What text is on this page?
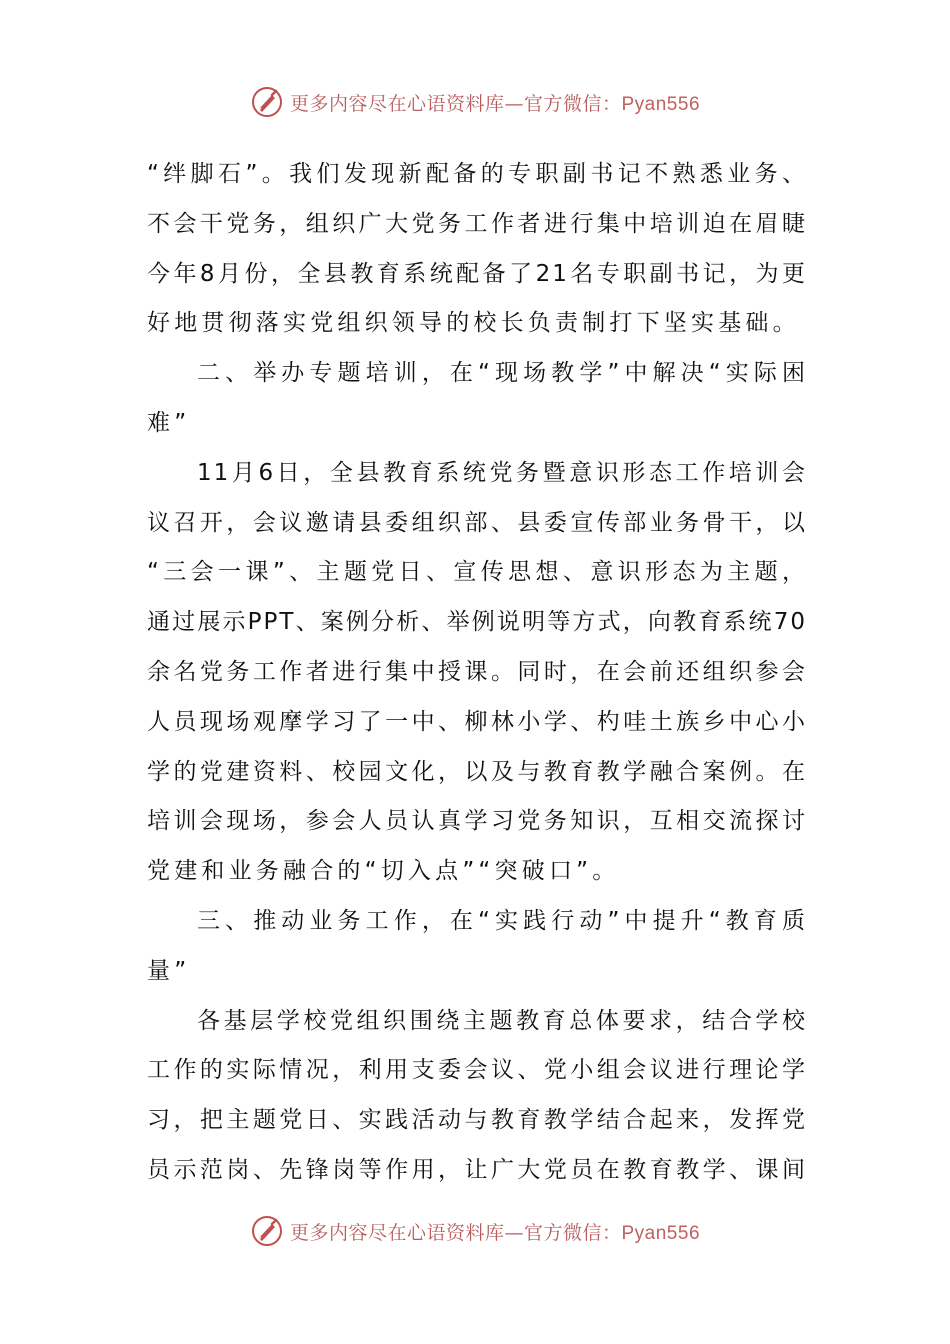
更多内容尽在心语资料库—官方微信：Pyan556
“绊脚石”。我们发现新配备的专职副书记不熟悉业务、
不会干党务，组织广大党务工作者进行集中培训迫在眉睫
今年8月份，全县教育系统配备了21名专职副书记，为更
好地贯彻落实党组织领导的校长负责制打下坚实基础。
二、举办专题培训，在“现场教学”中解决“实际困
难”
11月6日，全县教育系统党务暨意识形态工作培训会
议召开，会议邀请县委组织部、县委宣传部业务骨干，以
“三会一课”、主题党日、宣传思想、意识形态为主题，
通过展示PPT、案例分析、举例说明等方式，向教育系统70
余名党务工作者进行集中授课。同时，在会前还组织参会
人员现场观摩学习了一中、柳林小学、杓哇土族乡中心小
学的党建资料、校园文化，以及与教育教学融合案例。在
培训会现场，参会人员认真学习党务知识，互相交流探讨
党建和业务融合的“切入点”“突破口”。
三、推动业务工作，在“实践行动”中提升“教育质
量”
各基层学校党组织围绕主题教育总体要求，结合学校
工作的实际情况，利用支委会议、党小组会议进行理论学
习，把主题党日、实践活动与教育教学结合起来，发挥党
员示范岗、先锋岗等作用，让广大党员在教育教学、课间
更多内容尽在心语资料库—官方微信：Pyan556
